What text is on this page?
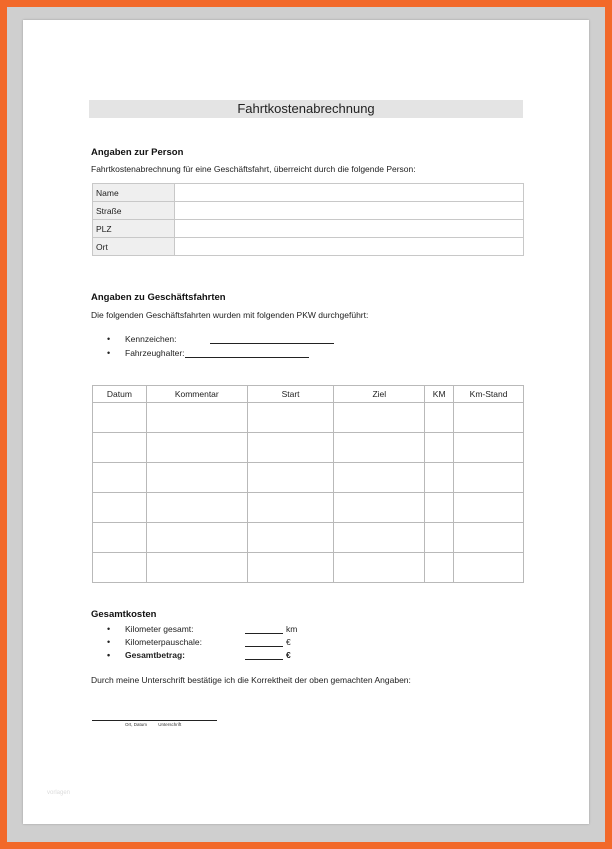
Fahrtkostenabrechnung
Angaben zur Person
Fahrtkostenabrechnung für eine Geschäftsfahrt, überreicht durch die folgende Person:
Name	
Straße	
PLZ	
Ort	
Angaben zu Geschäftsfahrten
Die folgenden Geschäftsfahrten wurden mit folgenden PKW durchgeführt:
•	Kennzeichen:
•	Fahrzeughalter:
Datum	Kommentar	Start	Ziel	KM	Km-Stand

Gesamtkosten
•	Kilometer gesamt:	km
•	Kilometerpauschale:	€
•	Gesamtbetrag:	€
Durch meine Unterschrift bestätige ich die Korrektheit der oben gemachten Angaben:
Ort, Datum	Unterschrift
vorlagen
